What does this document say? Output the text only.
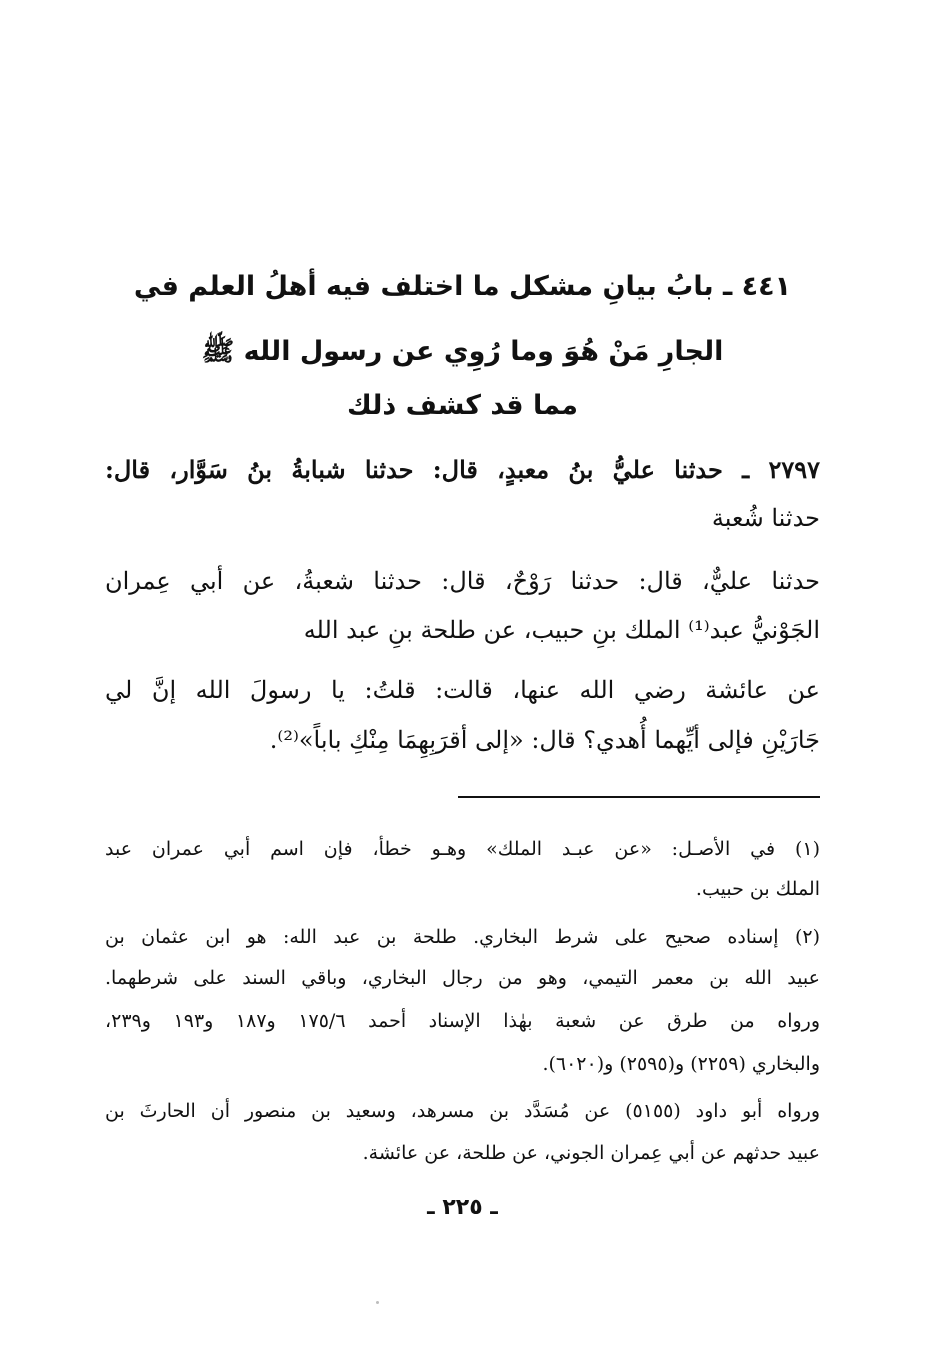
٤٤١ ـ بابُ بيانِ مشكل ما اختلف فيه أهلُ العلم في
الجارِ مَنْ هُوَ وما رُوِي عن رسول الله ﷺ
مما قد كشف ذلك
٢٧٩٧ ـ حدثنا عليُّ بنُ معبدٍ، قال: حدثنا شبابةُ بنُ سَوَّار، قال:
حدثنا شُعبة
حدثنا عليٌّ، قال: حدثنا رَوْحٌ، قال: حدثنا شعبةُ، عن أبي عِمران
الجَوْنيُّ عبد⁽¹⁾ الملك بنِ حبيب، عن طلحة بنِ عبد الله
عن عائشة رضي الله عنها، قالت: قلتُ: يا رسولَ الله إنَّ لي
جَارَيْنِ فإلى أيِّهما أُهدي؟ قال: «إلى أقرَبِهِمَا مِنْكِ باباً»⁽²⁾.
(١) في الأصـل: «عن عبـد الملك» وهـو خطأ، فإن اسم أبي عمران عبد
الملك بن حبيب.
(٢) إسناده صحيح على شرط البخاري. طلحة بن عبد الله: هو ابن عثمان بن
عبيد الله بن معمر التيمي، وهو من رجال البخاري، وباقي السند على شرطهما.
ورواه من طرق عن شعبة بهٰذا الإسناد أحمد ١٧٥/٦ و١٨٧ و١٩٣ و٢٣٩،
والبخاري (٢٢٥٩) و(٢٥٩٥) و(٦٠٢٠).
ورواه أبو داود (٥١٥٥) عن مُسَدَّد بن مسرهد، وسعيد بن منصور أن الحارثَ بن
عبيد حدثهم عن أبي عِمران الجوني، عن طلحة، عن عائشة.
ـ ٢٢٥ ـ
